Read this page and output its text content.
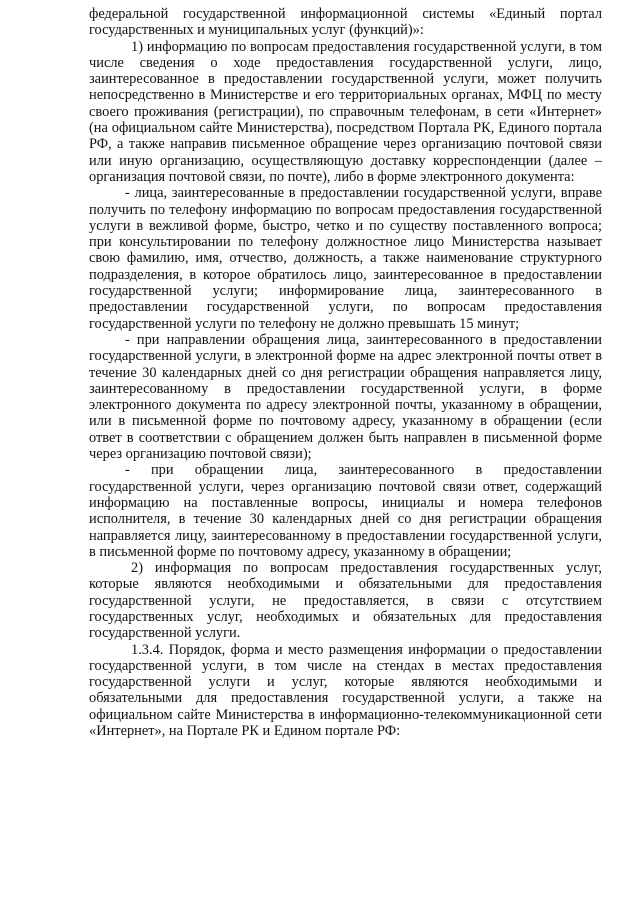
федеральной государственной информационной системы «Единый портал государственных и муниципальных услуг (функций)»:

1) информацию по вопросам предоставления государственной услуги, в том числе сведения о ходе предоставления государственной услуги, лицо, заинтересованное в предоставлении государственной услуги, может получить непосредственно в Министерстве и его территориальных органах, МФЦ по месту своего проживания (регистрации), по справочным телефонам, в сети «Интернет» (на официальном сайте Министерства), посредством Портала РК, Единого портала РФ, а также направив письменное обращение через организацию почтовой связи или иную организацию, осуществляющую доставку корреспонденции (далее – организация почтовой связи, по почте), либо в форме электронного документа:

- лица, заинтересованные в предоставлении государственной услуги, вправе получить по телефону информацию по вопросам предоставления государственной услуги в вежливой форме, быстро, четко и по существу поставленного вопроса; при консультировании по телефону должностное лицо Министерства называет свою фамилию, имя, отчество, должность, а также наименование структурного подразделения, в которое обратилось лицо, заинтересованное в предоставлении государственной услуги; информирование лица, заинтересованного в предоставлении государственной услуги, по вопросам предоставления государственной услуги по телефону не должно превышать 15 минут;

- при направлении обращения лица, заинтересованного в предоставлении государственной услуги, в электронной форме на адрес электронной почты ответ в течение 30 календарных дней со дня регистрации обращения направляется лицу, заинтересованному в предоставлении государственной услуги, в форме электронного документа по адресу электронной почты, указанному в обращении, или в письменной форме по почтовому адресу, указанному в обращении (если ответ в соответствии с обращением должен быть направлен в письменной форме через организацию почтовой связи);

- при обращении лица, заинтересованного в предоставлении государственной услуги, через организацию почтовой связи ответ, содержащий информацию на поставленные вопросы, инициалы и номера телефонов исполнителя, в течение 30 календарных дней со дня регистрации обращения направляется лицу, заинтересованному в предоставлении государственной услуги, в письменной форме по почтовому адресу, указанному в обращении;

2) информация по вопросам предоставления государственных услуг, которые являются необходимыми и обязательными для предоставления государственной услуги, не предоставляется, в связи с отсутствием государственных услуг, необходимых и обязательных для предоставления государственной услуги.

1.3.4. Порядок, форма и место размещения информации о предоставлении государственной услуги, в том числе на стендах в местах предоставления государственной услуги и услуг, которые являются необходимыми и обязательными для предоставления государственной услуги, а также на официальном сайте Министерства в информационно-телекоммуникационной сети «Интернет», на Портале РК и Едином портале РФ:
